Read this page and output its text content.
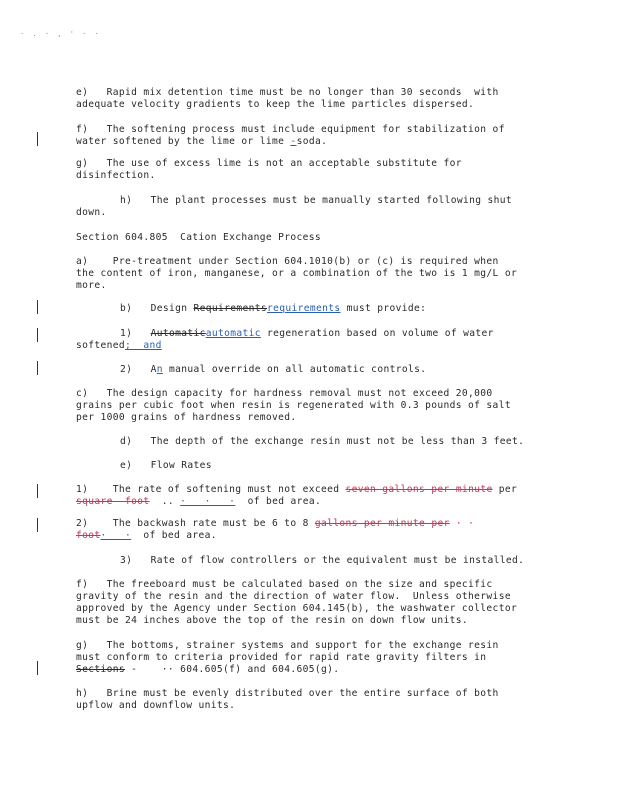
· . · , ' · ·
e)   Rapid mix detention time must be no longer than 30 seconds  with
adequate velocity gradients to keep the lime particles dispersed.
f)   The softening process must include equipment for stabilization of
water softened by the lime or lime -soda.
g)   The use of excess lime is not an acceptable substitute for
disinfection.
h)   The plant processes must be manually started following shut
down.
Section 604.805  Cation Exchange Process
a)    Pre-treatment under Section 604.1010(b) or (c) is required when
the content of iron, manganese, or a combination of the two is 1 mg/L or
more.
b)   Design Requirementsrequirements must provide:
1)   Automaticautomatic regeneration based on volume of water
softened;  and
2)   An manual override on all automatic controls.
c)   The design capacity for hardness removal must not exceed 20,000
grains per cubic foot when resin is regenerated with 0.3 pounds of salt
per 1000 grains of hardness removed.
d)   The depth of the exchange resin must not be less than 3 feet.
e)   Flow Rates
1)    The rate of softening must not exceed seven gallons per minute per
square  foot  .. ·   ·   ·  of bed area.
2)    The backwash rate must be 6 to 8 gallons per minute per · ·
foot·   ·  of bed area.
3)   Rate of flow controllers or the equivalent must be installed.
f)   The freeboard must be calculated based on the size and specific
gravity of the resin and the direction of water flow.  Unless otherwise
approved by the Agency under Section 604.145(b), the washwater collector
must be 24 inches above the top of the resin on down flow units.
g)   The bottoms, strainer systems and support for the exchange resin
must conform to criteria provided for rapid rate gravity filters in
Sections -    ·· 604.605(f) and 604.605(g).
h)   Brine must be evenly distributed over the entire surface of both
upflow and downflow units.
